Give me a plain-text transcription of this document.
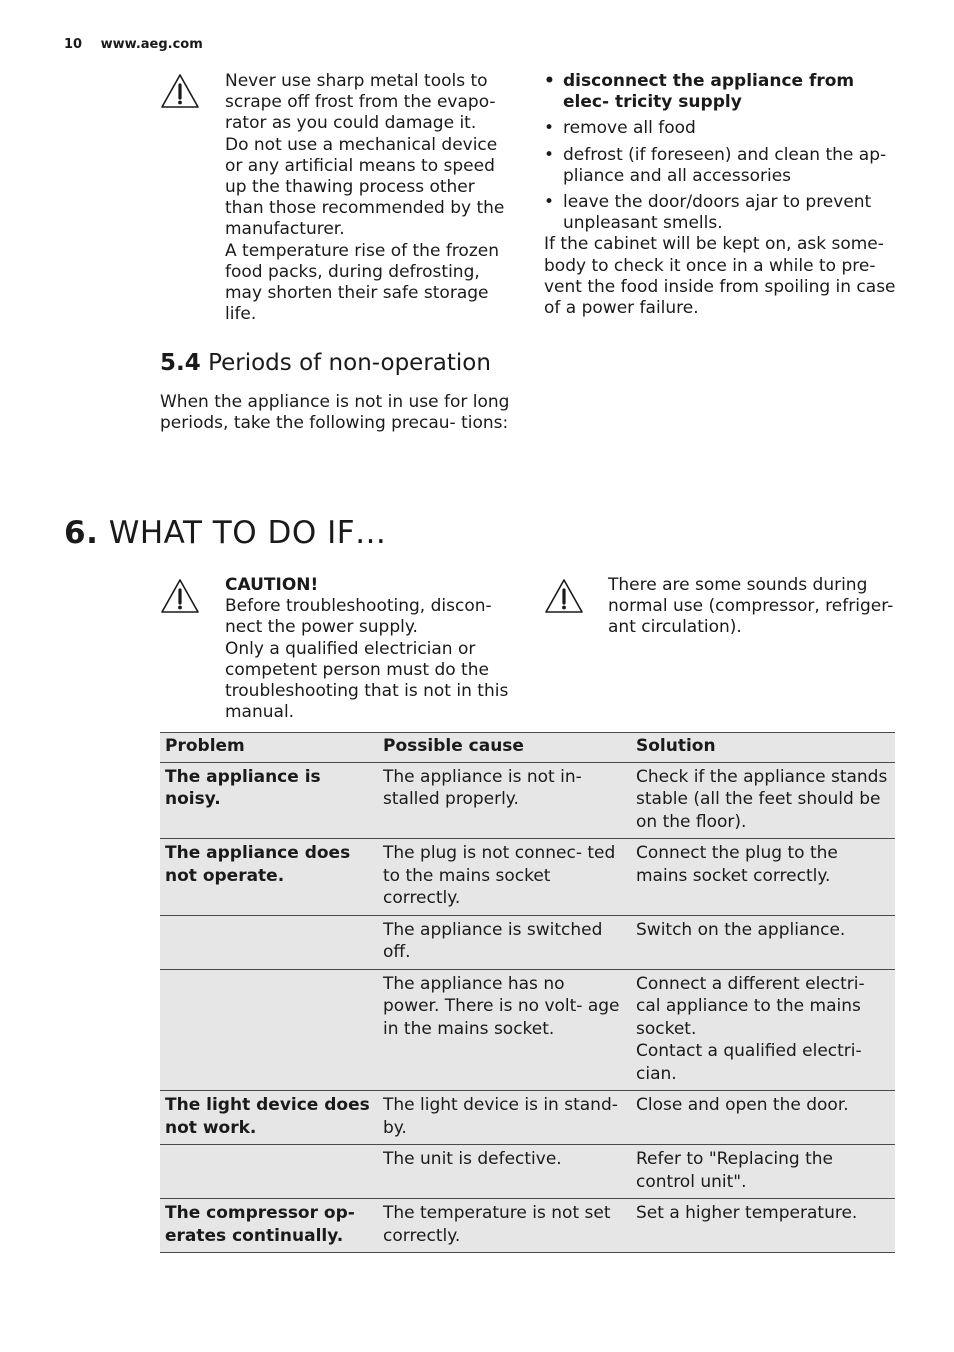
10 www.aeg.com

Never use sharp metal tools to scrape off frost from the evapo- rator as you could damage it.

Do not use a mechanical device or any artificial means to speed up the thawing process other than those recommended by the manufacturer.

A temperature rise of the frozen food packs, during defrosting, may shorten their safe storage life.

5.4 Periods of non-operation
When the appliance is not in use for long periods, take the following precau- tions:
• disconnect the appliance from elec- tricity supply
• remove all food
• defrost (if foreseen) and clean the ap- pliance and all accessories
• leave the door/doors ajar to prevent unpleasant smells.
If the cabinet will be kept on, ask some- body to check it once in a while to pre- vent the food inside from spoiling in case of a power failure.
6. WHAT TO DO IF…

CAUTION!

Before troubleshooting, discon- nect the power supply.

Only a qualified electrician or competent person must do the troubleshooting that is not in this manual.

There are some sounds during normal use (compressor, refriger- ant circulation).
Problem	Possible cause	Solution
The appliance is noisy.	The appliance is not in- stalled properly.	Check if the appliance stands stable (all the feet should be on the floor).
The appliance does not operate.	The plug is not connec- ted to the mains socket correctly.	Connect the plug to the mains socket correctly.
	The appliance is switched off.	Switch on the appliance.
	The appliance has no power. There is no volt- age in the mains socket.	Connect a different electri- cal appliance to the mains socket.
Contact a qualified electri- cian.
The light device does not work.	The light device is in stand-by.	Close and open the door.
	The unit is defective.	Refer to "Replacing the control unit".
The compressor op- erates continually.	The temperature is not set correctly.	Set a higher temperature.
